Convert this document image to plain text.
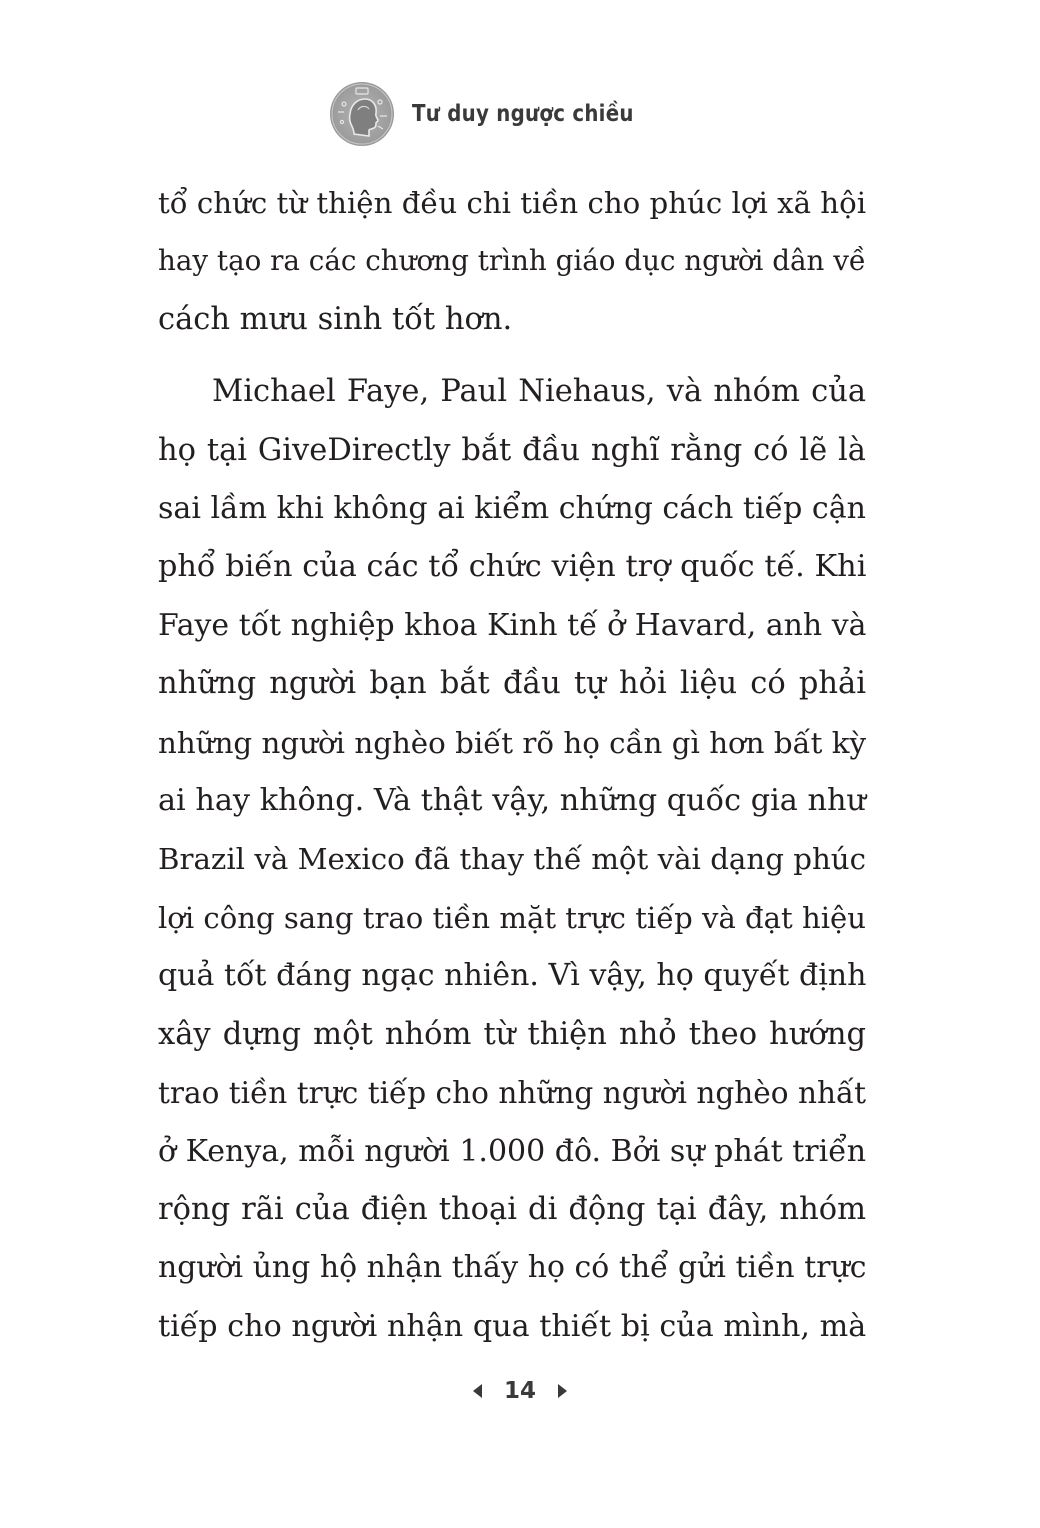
Tư duy ngược chiều

tổ chức từ thiện đều chi tiền cho phúc lợi xã hội
hay tạo ra các chương trình giáo dục người dân về
cách mưu sinh tốt hơn.

Michael Faye, Paul Niehaus, và nhóm của
họ tại GiveDirectly bắt đầu nghĩ rằng có lẽ là
sai lầm khi không ai kiểm chứng cách tiếp cận
phổ biến của các tổ chức viện trợ quốc tế. Khi
Faye tốt nghiệp khoa Kinh tế ở Havard, anh và
những người bạn bắt đầu tự hỏi liệu có phải
những người nghèo biết rõ họ cần gì hơn bất kỳ
ai hay không. Và thật vậy, những quốc gia như
Brazil và Mexico đã thay thế một vài dạng phúc
lợi công sang trao tiền mặt trực tiếp và đạt hiệu
quả tốt đáng ngạc nhiên. Vì vậy, họ quyết định
xây dựng một nhóm từ thiện nhỏ theo hướng
trao tiền trực tiếp cho những người nghèo nhất
ở Kenya, mỗi người 1.000 đô. Bởi sự phát triển
rộng rãi của điện thoại di động tại đây, nhóm
người ủng hộ nhận thấy họ có thể gửi tiền trực
tiếp cho người nhận qua thiết bị của mình, mà

14
